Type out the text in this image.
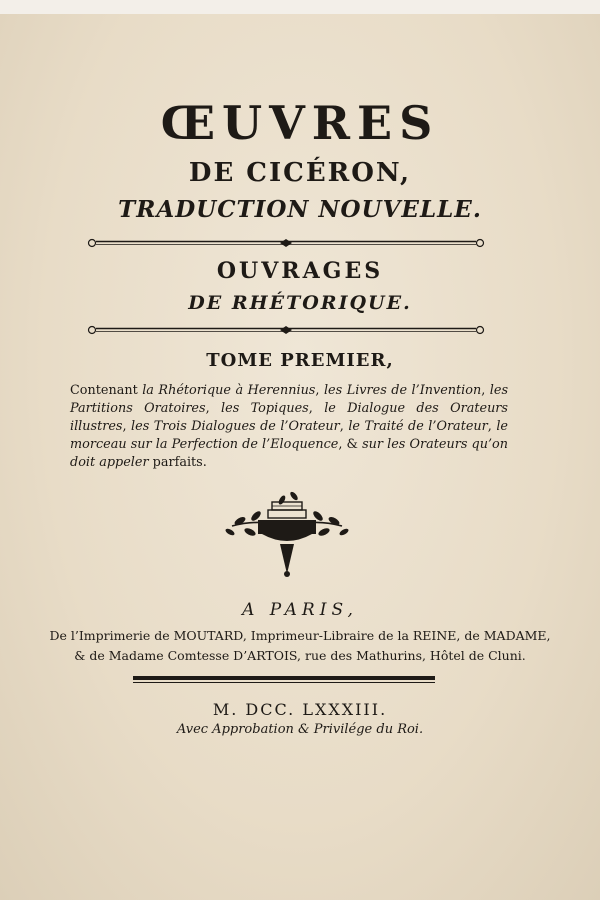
ŒUVRES
DE CICÉRON,
TRADUCTION NOUVELLE.
OUVRAGES
DE RHÉTORIQUE.
TOME PREMIER,
Contenant la Rhétorique à Herennius, les Livres de l’Invention, les Partitions Oratoires, les Topiques, le Dialogue des Orateurs illustres, les Trois Dialogues de l’Orateur, le Traité de l’Orateur, le morceau sur la Perfection de l’Eloquence, & sur les Orateurs qu’on doit appeler parfaits.
A PARIS,
De l’Imprimerie de MOUTARD, Imprimeur-Libraire de la REINE, de MADAME,
& de Madame Comtesse D’ARTOIS, rue des Mathurins, Hôtel de Cluni.
M. DCC. LXXXIII.
Avec Approbation & Privilége du Roi.
